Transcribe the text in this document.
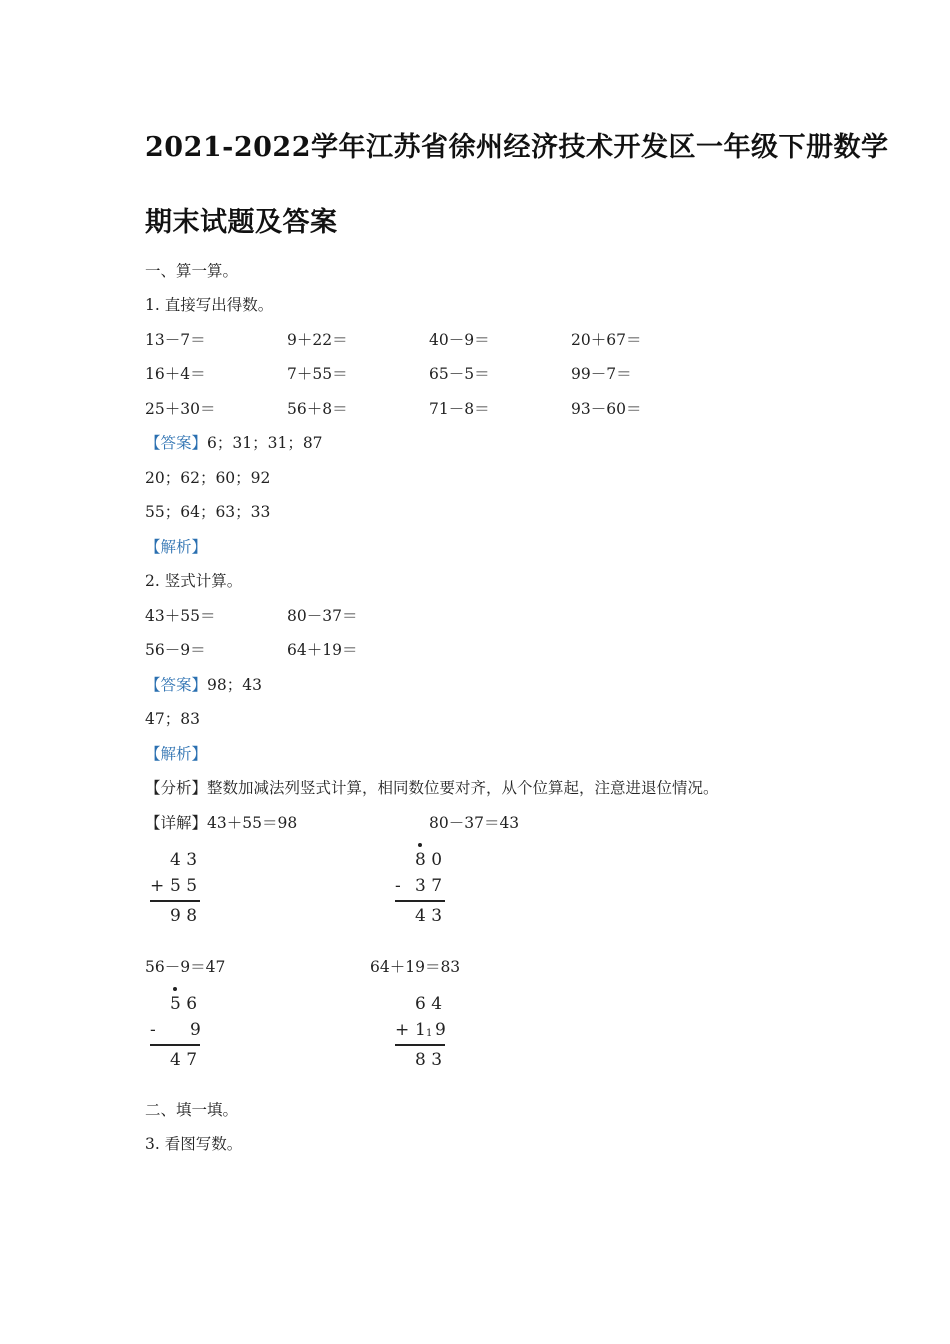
2021-2022学年江苏省徐州经济技术开发区一年级下册数学
期末试题及答案
一、算一算。
1. 直接写出得数。
13－7＝	9＋22＝	40－9＝	20＋67＝
16＋4＝	7＋55＝	65－5＝	99－7＝
25＋30＝	56＋8＝	71－8＝	93－60＝
【答案】6；31；31；87
20；62；60；92
55；64；63；33
【解析】
2. 竖式计算。
43＋55＝	80－37＝
56－9＝	64＋19＝
【答案】98；43
47；83
【解析】
【分析】整数加减法列竖式计算，相同数位要对齐，从个位算起，注意进退位情况。
【详解】43＋55＝98	80－37＝43
4 3
+ 5 5
9 8
8 0
- 3 7
4 3
56－9＝47	64＋19＝83
5 6
- 9
4 7
6 4
+ 1 1 9
8 3
二、填一填。
3. 看图写数。
